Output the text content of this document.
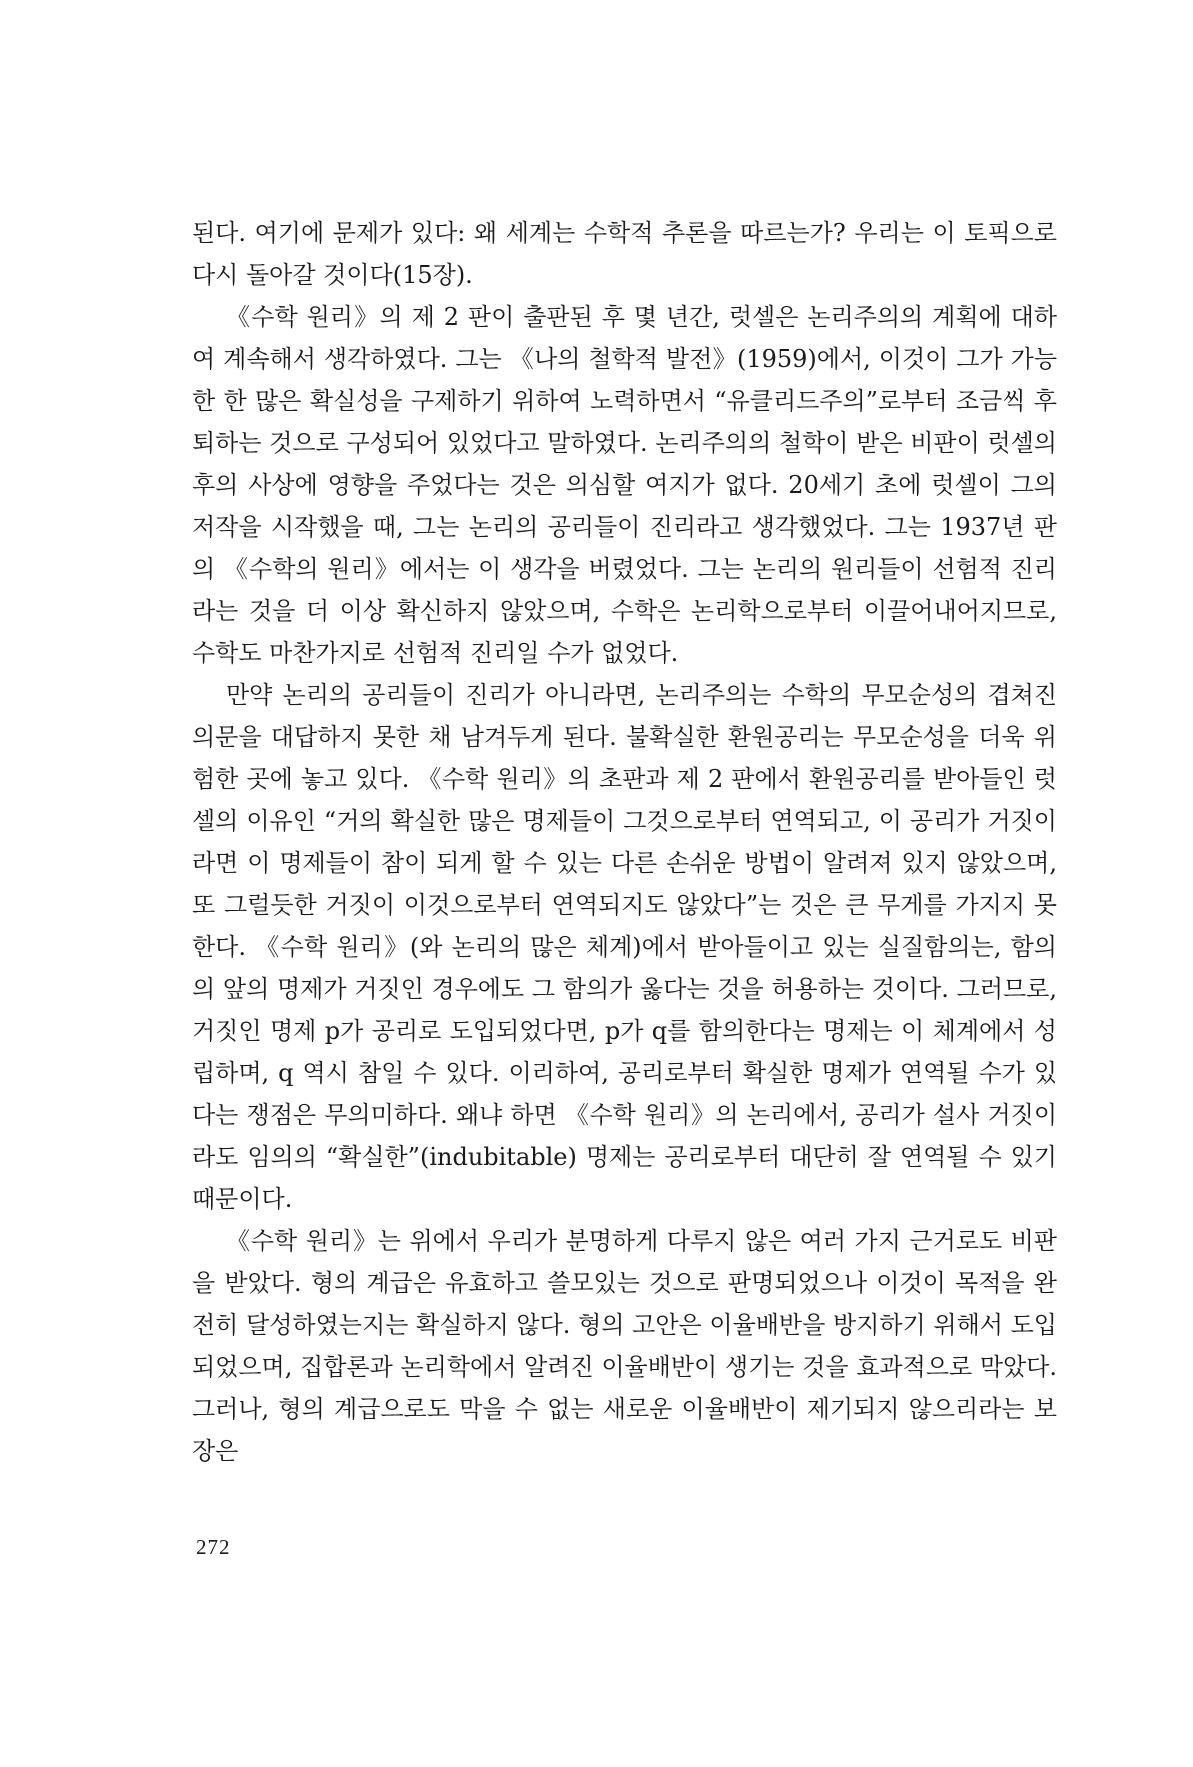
된다. 여기에 문제가 있다: 왜 세계는 수학적 추론을 따르는가? 우리는 이 토픽으로 다시 돌아갈 것이다(15장).

《수학 원리》의 제 2 판이 출판된 후 몇 년간, 럿셀은 논리주의의 계획에 대하여 계속해서 생각하였다. 그는 《나의 철학적 발전》(1959)에서, 이것이 그가 가능한 한 많은 확실성을 구제하기 위하여 노력하면서 “유클리드주의”로부터 조금씩 후퇴하는 것으로 구성되어 있었다고 말하였다. 논리주의의 철학이 받은 비판이 럿셀의 후의 사상에 영향을 주었다는 것은 의심할 여지가 없다. 20세기 초에 럿셀이 그의 저작을 시작했을 때, 그는 논리의 공리들이 진리라고 생각했었다. 그는 1937년 판의 《수학의 원리》에서는 이 생각을 버렸었다. 그는 논리의 원리들이 선험적 진리라는 것을 더 이상 확신하지 않았으며, 수학은 논리학으로부터 이끌어내어지므로, 수학도 마찬가지로 선험적 진리일 수가 없었다.

만약 논리의 공리들이 진리가 아니라면, 논리주의는 수학의 무모순성의 겹쳐진 의문을 대답하지 못한 채 남겨두게 된다. 불확실한 환원공리는 무모순성을 더욱 위험한 곳에 놓고 있다. 《수학 원리》의 초판과 제 2 판에서 환원공리를 받아들인 럿셀의 이유인 “거의 확실한 많은 명제들이 그것으로부터 연역되고, 이 공리가 거짓이라면 이 명제들이 참이 되게 할 수 있는 다른 손쉬운 방법이 알려져 있지 않았으며, 또 그럴듯한 거짓이 이것으로부터 연역되지도 않았다”는 것은 큰 무게를 가지지 못한다. 《수학 원리》(와 논리의 많은 체계)에서 받아들이고 있는 실질함의는, 함의의 앞의 명제가 거짓인 경우에도 그 함의가 옳다는 것을 허용하는 것이다. 그러므로, 거짓인 명제 p가 공리로 도입되었다면, p가 q를 함의한다는 명제는 이 체계에서 성립하며, q 역시 참일 수 있다. 이리하여, 공리로부터 확실한 명제가 연역될 수가 있다는 쟁점은 무의미하다. 왜냐 하면 《수학 원리》의 논리에서, 공리가 설사 거짓이라도 임의의 “확실한”(indubitable) 명제는 공리로부터 대단히 잘 연역될 수 있기 때문이다.

《수학 원리》는 위에서 우리가 분명하게 다루지 않은 여러 가지 근거로도 비판을 받았다. 형의 계급은 유효하고 쓸모있는 것으로 판명되었으나 이것이 목적을 완전히 달성하였는지는 확실하지 않다. 형의 고안은 이율배반을 방지하기 위해서 도입되었으며, 집합론과 논리학에서 알려진 이율배반이 생기는 것을 효과적으로 막았다. 그러나, 형의 계급으로도 막을 수 없는 새로운 이율배반이 제기되지 않으리라는 보장은

272
